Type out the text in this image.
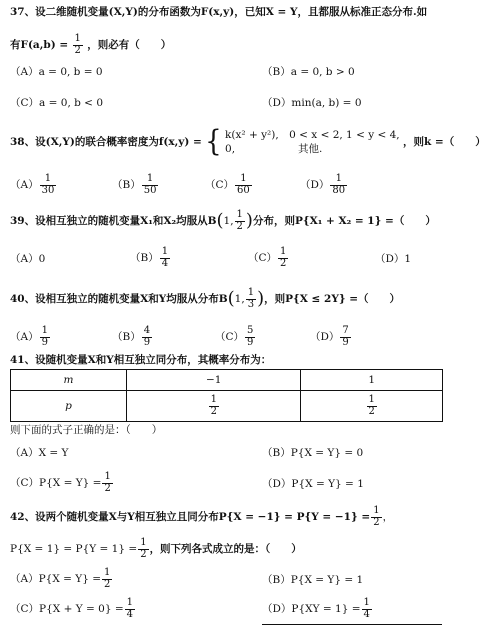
37、设二维随机变量(X,Y)的分布函数为F(x,y)，已知X = Y，且都服从标准正态分布.如
有$F(a,b) = \frac{1}{2}$ ，则必有（　　）
（A）a = 0, b = 0	（B）a = 0, b > 0
（C）a = 0, b < 0	（D）min(a, b) = 0
38、设(X,Y)的联合概率密度为f(x,y) = { k(x² + y²),　0 < x < 2, 1 < y < 4,
0,　　　　　　其他.
，则k =（　　）
$(A) \frac{1}{30}$	$(B) \frac{1}{50}$	$(C) \frac{1}{60}$	$(D) \frac{1}{80}$
39、设相互独立的随机变量X₁和X₂均服从B(1, $\frac{1}{2}$ )分布，则P{X₁ + X₂ = 1} =（　　）
（A）0	$(B) \frac{1}{4}$	$(C) \frac{1}{2}$	（D）1
40、设相互独立的随机变量X和Y均服从分布B(1, $\frac{1}{3}$ )，则P{X ≤ 2Y} =（　　）
$(A) \frac{1}{9}$	$(B) \frac{4}{9}$	$(C) \frac{5}{9}$	$(D) \frac{7}{9}$
41、设随机变量X和Y相互独立同分布，其概率分布为：
m	−1	1
p	$\frac{1}{2}$	$\frac{1}{2}$
则下面的式子正确的是：（　　）
（A）X = Y	（B）P{X = Y} = 0
$(C)P\{X = Y\} = \frac{1}{2}$	（D）P{X = Y} = 1
42、设两个随机变量X与Y相互独立且同分布$P\{X = -1\} = P\{Y = -1\} = \frac{1}{2}$ ，
$P\{X = 1\} = P\{Y = 1\} = \frac{1}{2}$ ，则下列各式成立的是：（　　）
$(A)P\{X = Y\} = \frac{1}{2}$	（B）P{X = Y} = 1
$(C)P\{X + Y = 0\} = \frac{1}{4}$	$(D)P\{XY = 1\} = \frac{1}{4}$
